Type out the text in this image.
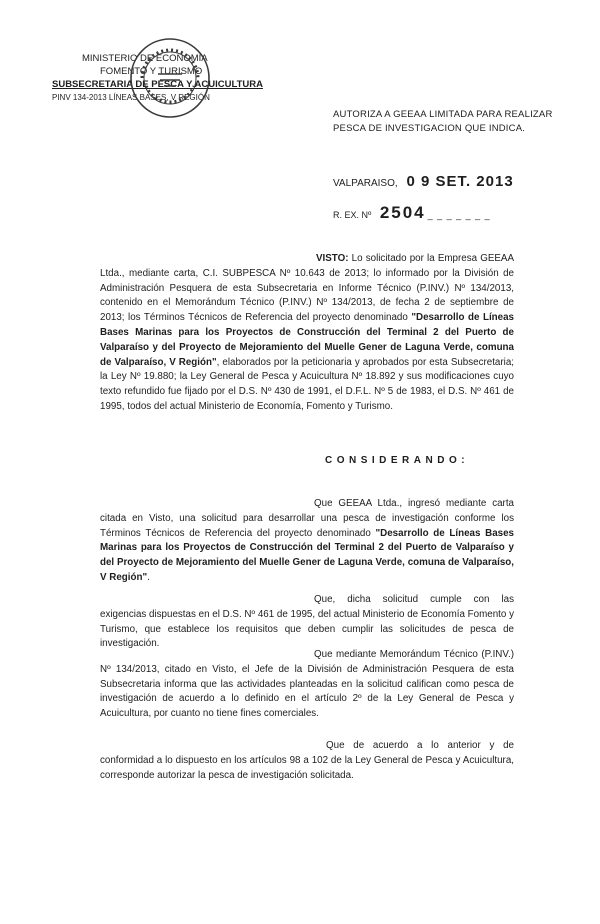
MINISTERIO DE ECONOMIA
FOMENTO Y TURISMO
SUBSECRETARIA DE PESCA Y ACUICULTURA
PINV 134-2013 LÍNEAS BASES, V REGIÓN
AUTORIZA A GEEAA LIMITADA PARA REALIZAR
PESCA DE INVESTIGACION QUE INDICA.
VALPARAISO, 0 9 SET. 2013
R. EX. Nº 2504 _ _ _ _ _ _ _
VISTO: Lo solicitado por la Empresa GEEAA Ltda., mediante carta, C.I. SUBPESCA Nº 10.643 de 2013; lo informado por la División de Administración Pesquera de esta Subsecretaria en Informe Técnico (P.INV.) Nº 134/2013, contenido en el Memorándum Técnico (P.INV.) Nº 134/2013, de fecha 2 de septiembre de 2013; los Términos Técnicos de Referencia del proyecto denominado "Desarrollo de Líneas Bases Marinas para los Proyectos de Construcción del Terminal 2 del Puerto de Valparaíso y del Proyecto de Mejoramiento del Muelle Gener de Laguna Verde, comuna de Valparaíso, V Región", elaborados por la peticionaria y aprobados por esta Subsecretaria; la Ley Nº 19.880; la Ley General de Pesca y Acuicultura Nº 18.892 y sus modificaciones cuyo texto refundido fue fijado por el D.S. Nº 430 de 1991, el D.F.L. Nº 5 de 1983, el D.S. Nº 461 de 1995, todos del actual Ministerio de Economía, Fomento y Turismo.
CONSIDERANDO:
Que GEEAA Ltda., ingresó mediante carta citada en Visto, una solicitud para desarrollar una pesca de investigación conforme los Términos Técnicos de Referencia del proyecto denominado "Desarrollo de Líneas Bases Marinas para los Proyectos de Construcción del Terminal 2 del Puerto de Valparaíso y del Proyecto de Mejoramiento del Muelle Gener de Laguna Verde, comuna de Valparaíso, V Región".
Que, dicha solicitud cumple con las exigencias dispuestas en el D.S. Nº 461 de 1995, del actual Ministerio de Economía Fomento y Turismo, que establece los requisitos que deben cumplir las solicitudes de pesca de investigación.
Que mediante Memorándum Técnico (P.INV.) Nº 134/2013, citado en Visto, el Jefe de la División de Administración Pesquera de esta Subsecretaria informa que las actividades planteadas en la solicitud califican como pesca de investigación de acuerdo a lo definido en el artículo 2º de la Ley General de Pesca y Acuicultura, por cuanto no tiene fines comerciales.
Que de acuerdo a lo anterior y de conformidad a lo dispuesto en los artículos 98 a 102 de la Ley General de Pesca y Acuicultura, corresponde autorizar la pesca de investigación solicitada.
